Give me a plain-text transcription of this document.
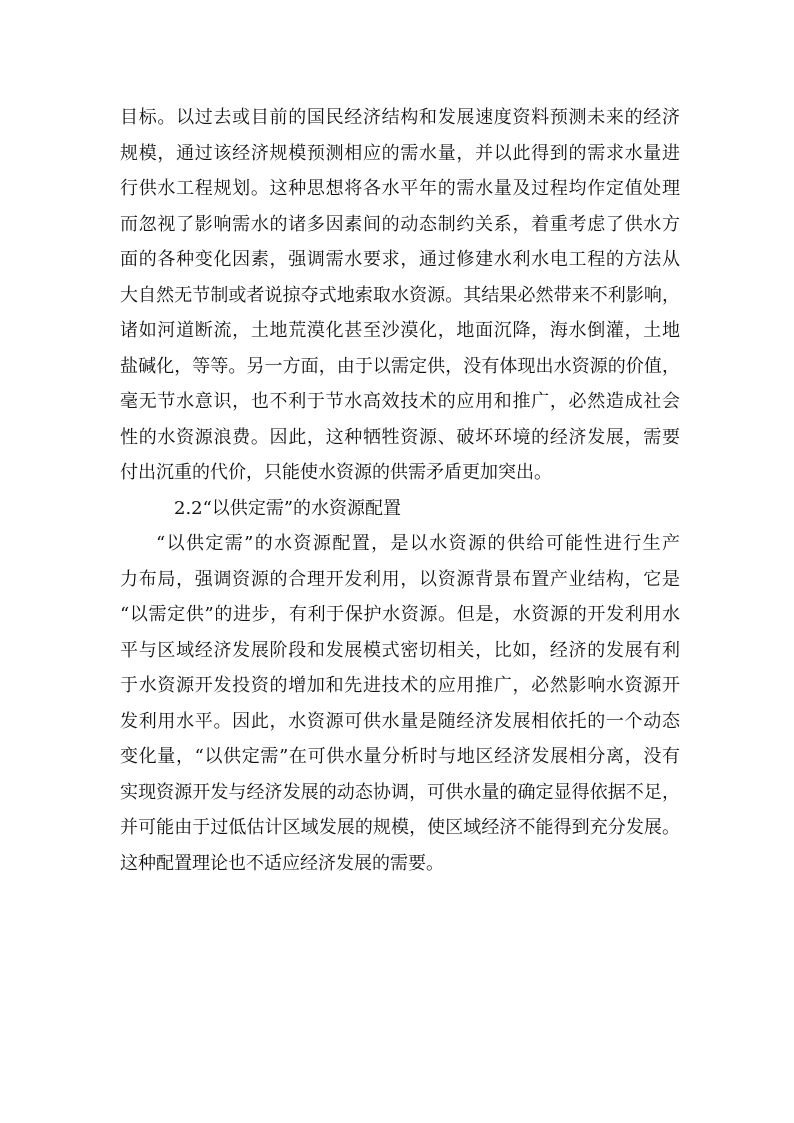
目标。以过去或目前的国民经济结构和发展速度资料预测未来的经济
规模，通过该经济规模预测相应的需水量，并以此得到的需求水量进
行供水工程规划。这种思想将各水平年的需水量及过程均作定值处理
而忽视了影响需水的诸多因素间的动态制约关系，着重考虑了供水方
面的各种变化因素，强调需水要求，通过修建水利水电工程的方法从
大自然无节制或者说掠夺式地索取水资源。其结果必然带来不利影响，
诸如河道断流，土地荒漠化甚至沙漠化，地面沉降，海水倒灌，土地
盐碱化，等等。另一方面，由于以需定供，没有体现出水资源的价值，
毫无节水意识，也不利于节水高效技术的应用和推广，必然造成社会
性的水资源浪费。因此，这种牺牲资源、破坏环境的经济发展，需要
付出沉重的代价，只能使水资源的供需矛盾更加突出。
2.2“以供定需”的水资源配置
“以供定需”的水资源配置，是以水资源的供给可能性进行生产
力布局，强调资源的合理开发利用，以资源背景布置产业结构，它是
“以需定供”的进步，有利于保护水资源。但是，水资源的开发利用水
平与区域经济发展阶段和发展模式密切相关，比如，经济的发展有利
于水资源开发投资的增加和先进技术的应用推广，必然影响水资源开
发利用水平。因此，水资源可供水量是随经济发展相依托的一个动态
变化量，“以供定需”在可供水量分析时与地区经济发展相分离，没有
实现资源开发与经济发展的动态协调，可供水量的确定显得依据不足，
并可能由于过低估计区域发展的规模，使区域经济不能得到充分发展。
这种配置理论也不适应经济发展的需要。
